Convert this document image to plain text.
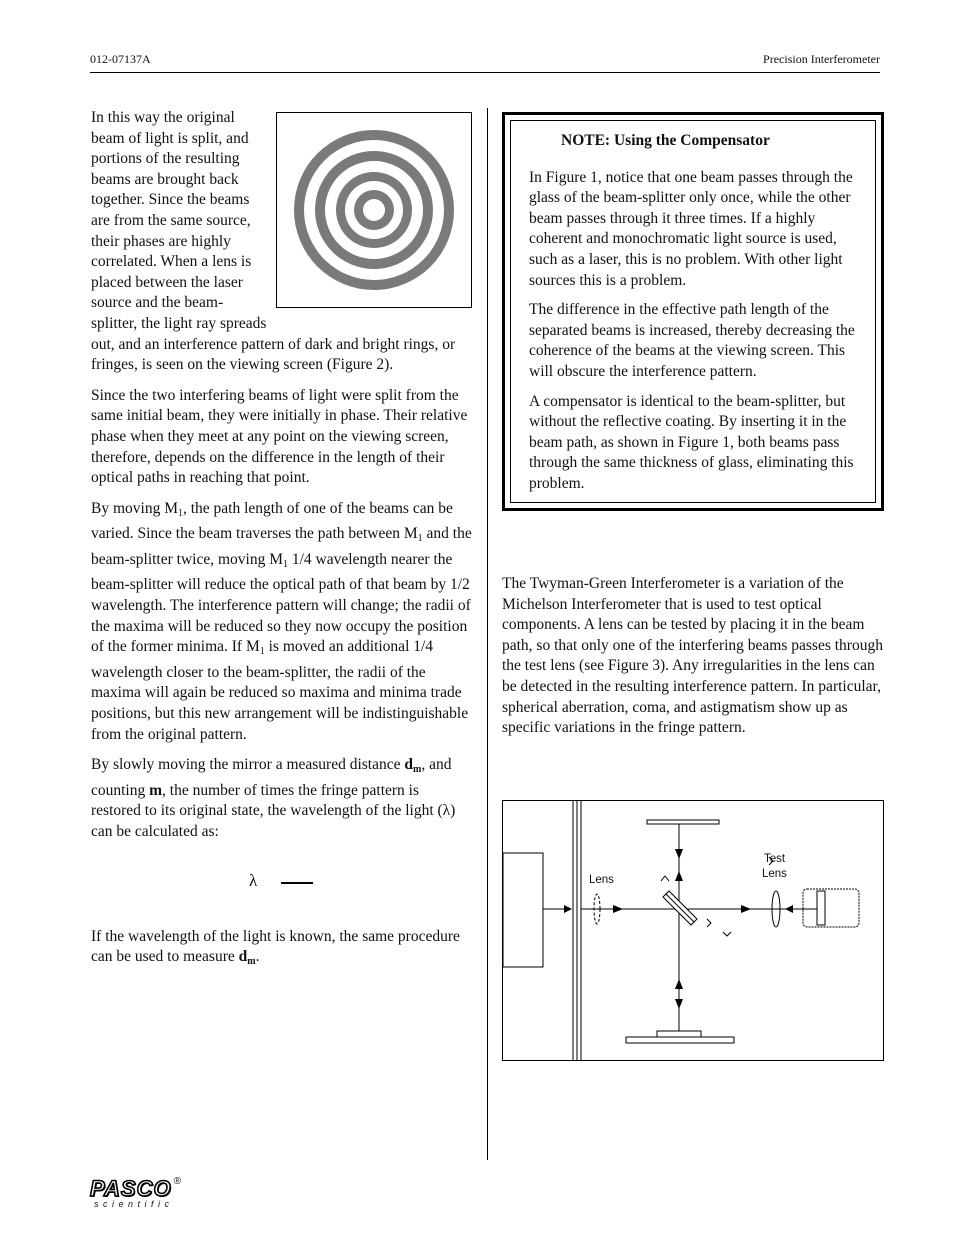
012-07137A	Precision Interferometer

In this way the original beam of light is split, and portions of the resulting beams are brought back together. Since the beams are from the same source, their phases are highly correlated. When a lens is placed between the laser source and the beam-splitter, the light ray spreads out, and an interference pattern of dark and bright rings, or fringes, is seen on the viewing screen (Figure 2).

Since the two interfering beams of light were split from the same initial beam, they were initially in phase. Their relative phase when they meet at any point on the viewing screen, therefore, depends on the difference in the length of their optical paths in reaching that point.

By moving $M_1$, the path length of one of the beams can be varied. Since the beam traverses the path between $M_1$ and the beam-splitter twice, moving $M_1$ 1/4 wavelength nearer the beam-splitter will reduce the optical path of that beam by 1/2 wavelength. The interference pattern will change; the radii of the maxima will be reduced so they now occupy the position of the former minima. If $M_1$ is moved an additional 1/4 wavelength closer to the beam-splitter, the radii of the maxima will again be reduced so maxima and minima trade positions, but this new arrangement will be indistinguishable from the original pattern.

By slowly moving the mirror a measured distance $d_m$, and counting m, the number of times the fringe pattern is restored to its original state, the wavelength of the light (λ) can be calculated as:

λ

If the wavelength of the light is known, the same procedure can be used to measure $d_m$.

NOTE: Using the Compensator

In Figure 1, notice that one beam passes through the glass of the beam-splitter only once, while the other beam passes through it three times. If a highly coherent and monochromatic light source is used, such as a laser, this is no problem. With other light sources this is a problem.

The difference in the effective path length of the separated beams is increased, thereby decreasing the coherence of the beams at the viewing screen. This will obscure the interference pattern.

A compensator is identical to the beam-splitter, but without the reflective coating. By inserting it in the beam path, as shown in Figure 1, both beams pass through the same thickness of glass, eliminating this problem.

The Twyman-Green Interferometer is a variation of the Michelson Interferometer that is used to test optical components. A lens can be tested by placing it in the beam path, so that only one of the interfering beams passes through the test lens (see Figure 3). Any irregularities in the lens can be detected in the resulting interference pattern. In particular, spherical aberration, coma, and astigmatism show up as specific variations in the fringe pattern.

Lens
Test
Lens
PASCO ®
scientific
